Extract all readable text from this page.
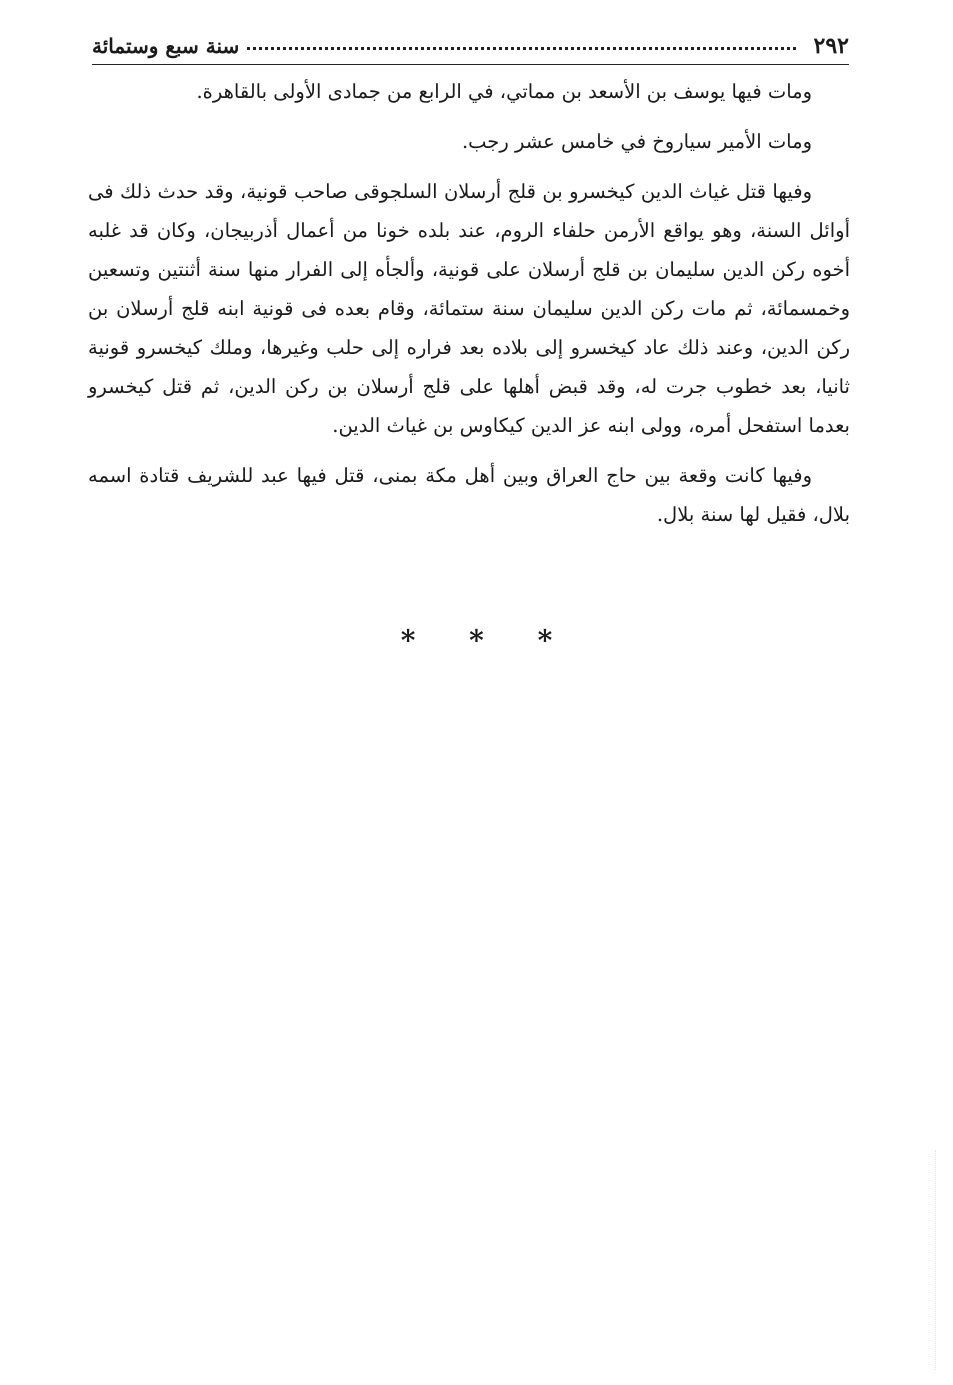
٢٩٢
سنة سبع وستمائة

ومات فيها يوسف بن الأسعد بن مماتي، في الرابع من جمادى الأولى بالقاهرة.

ومات الأمير سياروخ في خامس عشر رجب.

وفيها قتل غياث الدين كيخسرو بن قلج أرسلان السلجوقى صاحب قونية، وقد حدث ذلك فى أوائل السنة، وهو يواقع الأرمن حلفاء الروم، عند بلده خونا من أعمال أذربيجان، وكان قد غلبه أخوه ركن الدين سليمان بن قلج أرسلان على قونية، وألجأه إلى الفرار منها سنة أثنتين وتسعين وخمسمائة، ثم مات ركن الدين سليمان سنة ستمائة، وقام بعده فى قونية ابنه قلج أرسلان بن ركن الدين، وعند ذلك عاد كيخسرو إلى بلاده بعد فراره إلى حلب وغيرها، وملك كيخسرو قونية ثانيا، بعد خطوب جرت له، وقد قبض أهلها على قلج أرسلان بن ركن الدين، ثم قتل كيخسرو بعدما استفحل أمره، وولى ابنه عز الدين كيكاوس بن غياث الدين.

وفيها كانت وقعة بين حاج العراق وبين أهل مكة بمنى، قتل فيها عبد للشريف قتادة اسمه بلال، فقيل لها سنة بلال.

* * *
